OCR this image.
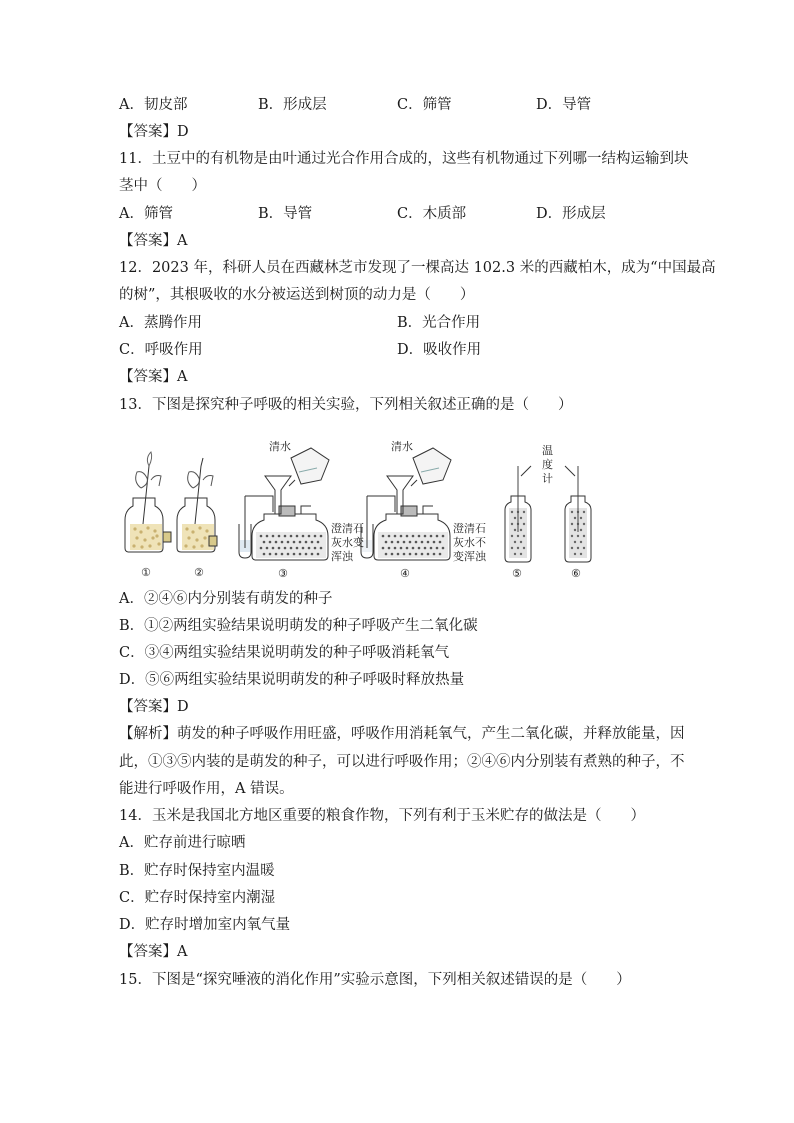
A．韧皮部	B．形成层	C．筛管	D．导管
【答案】D
11．土豆中的有机物是由叶通过光合作用合成的，这些有机物通过下列哪一结构运输到块
茎中（　　）
A．筛管	B．导管	C．木质部	D．形成层
【答案】A
12．2023 年，科研人员在西藏林芝市发现了一棵高达 102.3 米的西藏柏木，成为“中国最高
的树”，其根吸收的水分被运送到树顶的动力是（　　）
A．蒸腾作用	B．光合作用
C．呼吸作用	D．吸收作用
【答案】A
13．下图是探究种子呼吸的相关实验，下列相关叙述正确的是（　　）
清水	清水
澄清石
灰水变
浑浊
澄清石
灰水不
变浑浊
温
度
计
①	②	③	④	⑤	⑥
A．②④⑥内分别装有萌发的种子
B．①②两组实验结果说明萌发的种子呼吸产生二氧化碳
C．③④两组实验结果说明萌发的种子呼吸消耗氧气
D．⑤⑥两组实验结果说明萌发的种子呼吸时释放热量
【答案】D
【解析】萌发的种子呼吸作用旺盛，呼吸作用消耗氧气，产生二氧化碳，并释放能量，因
此，①③⑤内装的是萌发的种子，可以进行呼吸作用；②④⑥内分别装有煮熟的种子，不
能进行呼吸作用，A 错误。
14．玉米是我国北方地区重要的粮食作物，下列有利于玉米贮存的做法是（　　）
A．贮存前进行晾晒
B．贮存时保持室内温暖
C．贮存时保持室内潮湿
D．贮存时增加室内氧气量
【答案】A
15．下图是“探究唾液的消化作用”实验示意图，下列相关叙述错误的是（　　）
